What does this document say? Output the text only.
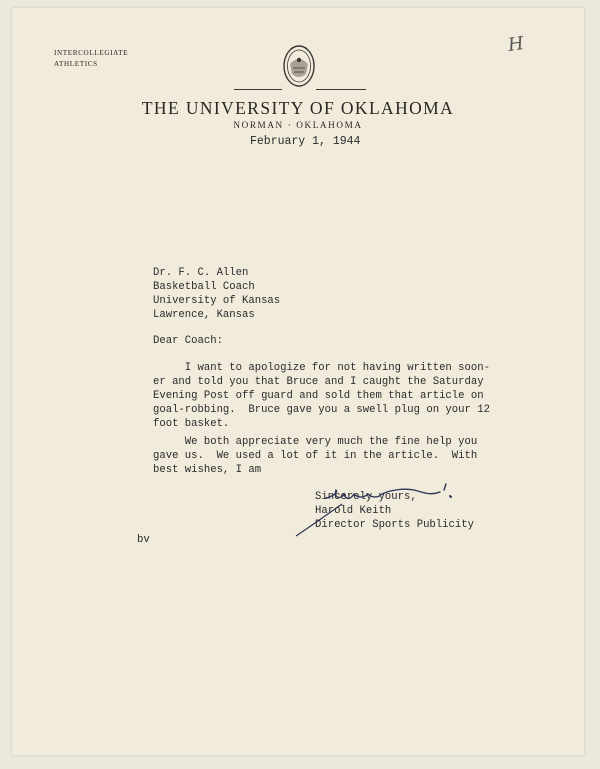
INTERCOLLEGIATE
ATHLETICS
H
THE UNIVERSITY OF OKLAHOMA
NORMAN · OKLAHOMA
February 1, 1944
Dr. F. C. Allen
Basketball Coach
University of Kansas
Lawrence, Kansas
Dear Coach:
I want to apologize for not having written soon-
er and told you that Bruce and I caught the Saturday
Evening Post off guard and sold them that article on
goal-robbing.  Bruce gave you a swell plug on your 12
foot basket.
We both appreciate very much the fine help you
gave us.  We used a lot of it in the article.  With
best wishes, I am
Sincerely yours,
Harold Keith
Director Sports Publicity
bv
